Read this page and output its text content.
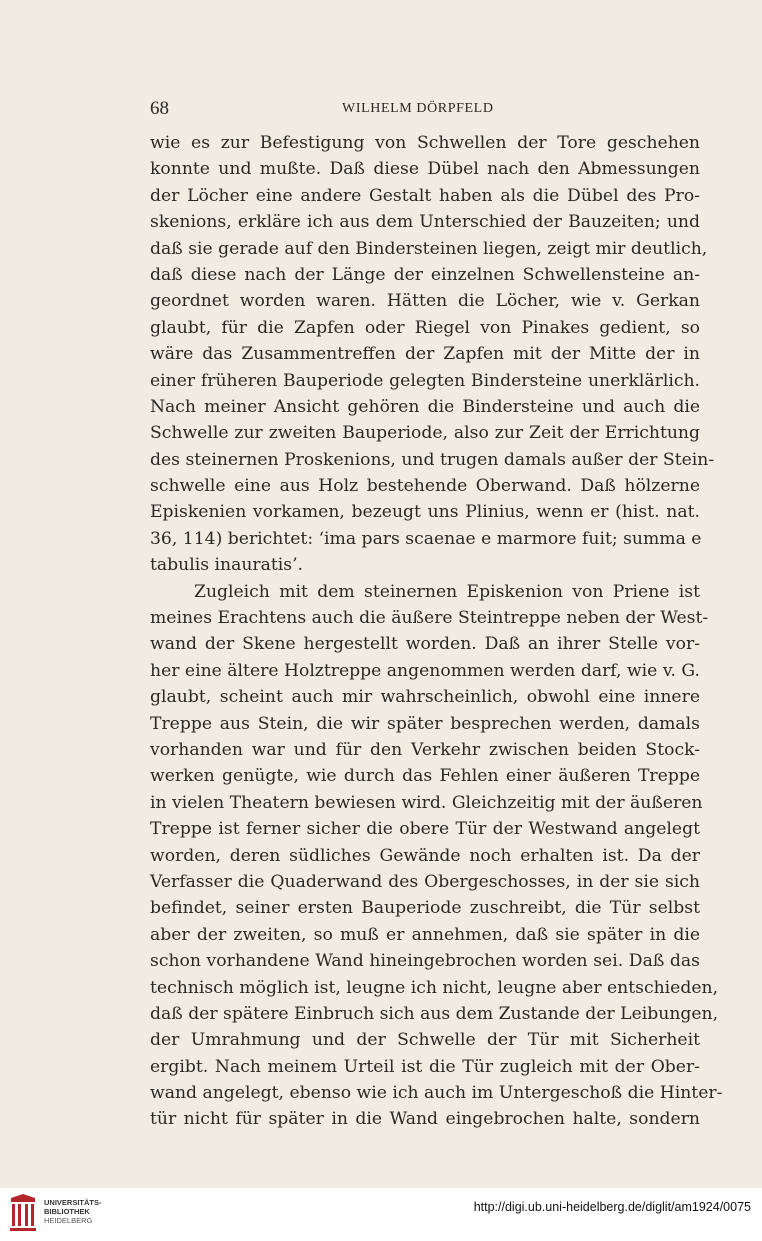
68	WILHELM DÖRPFELD
wie es zur Befestigung von Schwellen der Tore geschehen
konnte und mußte. Daß diese Dübel nach den Abmessungen
der Löcher eine andere Gestalt haben als die Dübel des Pro-
skenions, erkläre ich aus dem Unterschied der Bauzeiten; und
daß sie gerade auf den Bindersteinen liegen, zeigt mir deutlich,
daß diese nach der Länge der einzelnen Schwellensteine an-
geordnet worden waren. Hätten die Löcher, wie v. Gerkan
glaubt, für die Zapfen oder Riegel von Pinakes gedient, so
wäre das Zusammentreffen der Zapfen mit der Mitte der in
einer früheren Bauperiode gelegten Bindersteine unerklärlich.
Nach meiner Ansicht gehören die Bindersteine und auch die
Schwelle zur zweiten Bauperiode, also zur Zeit der Errichtung
des steinernen Proskenions, und trugen damals außer der Stein-
schwelle eine aus Holz bestehende Oberwand. Daß hölzerne
Episkenien vorkamen, bezeugt uns Plinius, wenn er (hist. nat.
36, 114) berichtet: ‘ima pars scaenae e marmore fuit; summa e
tabulis inauratis’.
Zugleich mit dem steinernen Episkenion von Priene ist
meines Erachtens auch die äußere Steintreppe neben der West-
wand der Skene hergestellt worden. Daß an ihrer Stelle vor-
her eine ältere Holztreppe angenommen werden darf, wie v. G.
glaubt, scheint auch mir wahrscheinlich, obwohl eine innere
Treppe aus Stein, die wir später besprechen werden, damals
vorhanden war und für den Verkehr zwischen beiden Stock-
werken genügte, wie durch das Fehlen einer äußeren Treppe
in vielen Theatern bewiesen wird. Gleichzeitig mit der äußeren
Treppe ist ferner sicher die obere Tür der Westwand angelegt
worden, deren südliches Gewände noch erhalten ist. Da der
Verfasser die Quaderwand des Obergeschosses, in der sie sich
befindet, seiner ersten Bauperiode zuschreibt, die Tür selbst
aber der zweiten, so muß er annehmen, daß sie später in die
schon vorhandene Wand hineingebrochen worden sei. Daß das
technisch möglich ist, leugne ich nicht, leugne aber entschieden,
daß der spätere Einbruch sich aus dem Zustande der Leibungen,
der Umrahmung und der Schwelle der Tür mit Sicherheit
ergibt. Nach meinem Urteil ist die Tür zugleich mit der Ober-
wand angelegt, ebenso wie ich auch im Untergeschoß die Hinter-
tür nicht für später in die Wand eingebrochen halte, sondern
UNIVERSITÄTS-
BIBLIOTHEK
HEIDELBERG
http://digi.ub.uni-heidelberg.de/diglit/am1924/0075
